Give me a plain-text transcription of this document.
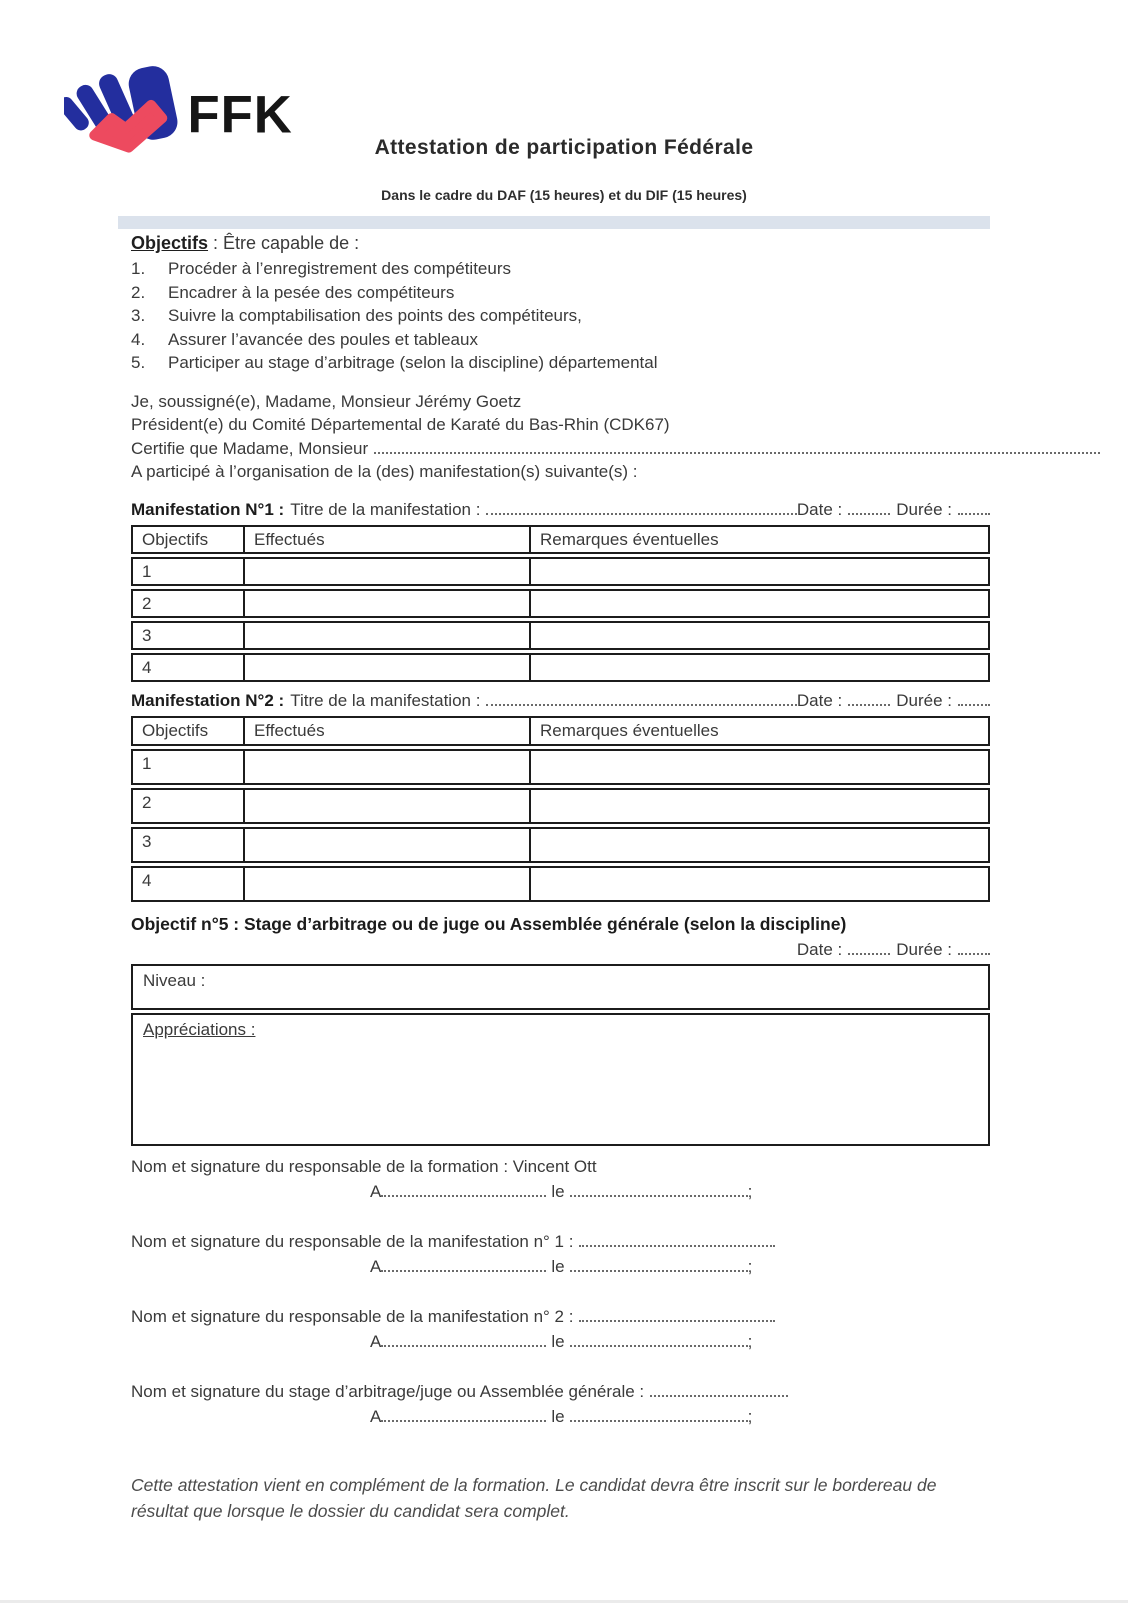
FFK
Attestation de participation Fédérale
Dans le cadre du DAF (15 heures) et du DIF (15 heures)

Objectifs : Être capable de :

1.	Procéder à l’enregistrement des compétiteurs
2.	Encadrer à la pesée des compétiteurs
3.	Suivre la comptabilisation des points des compétiteurs,
4.	Assurer l’avancée des poules et tableaux
5.	Participer au stage d’arbitrage (selon la discipline) départemental
Je, soussigné(e), Madame, Monsieur Jérémy Goetz
Président(e) du Comité Départemental de Karaté du Bas-Rhin (CDK67)
Certifie que Madame, Monsieur
A participé à l’organisation de la (des) manifestation(s) suivante(s) :
Manifestation N°1 : Titre de la manifestation :	Date :	Durée :
Objectifs	Effectués	Remarques éventuelles
1		
2		
3		
4		
Manifestation N°2 : Titre de la manifestation :	Date :	Durée :
Objectifs	Effectués	Remarques éventuelles
1		
2		
3		
4		
Objectif n°5 : Stage d’arbitrage ou de juge ou Assemblée générale (selon la discipline)
Date :	Durée :
Niveau :
Appréciations :
Nom et signature du responsable de la formation : Vincent Ott
A	le	;
Nom et signature du responsable de la manifestation n° 1 :
A	le	;
Nom et signature du responsable de la manifestation n° 2 :
A	le	;
Nom et signature du stage d’arbitrage/juge ou Assemblée générale :
A	le	;

Cette attestation vient en complément de la formation. Le candidat devra être inscrit sur le bordereau de résultat que lorsque le dossier du candidat sera complet.
